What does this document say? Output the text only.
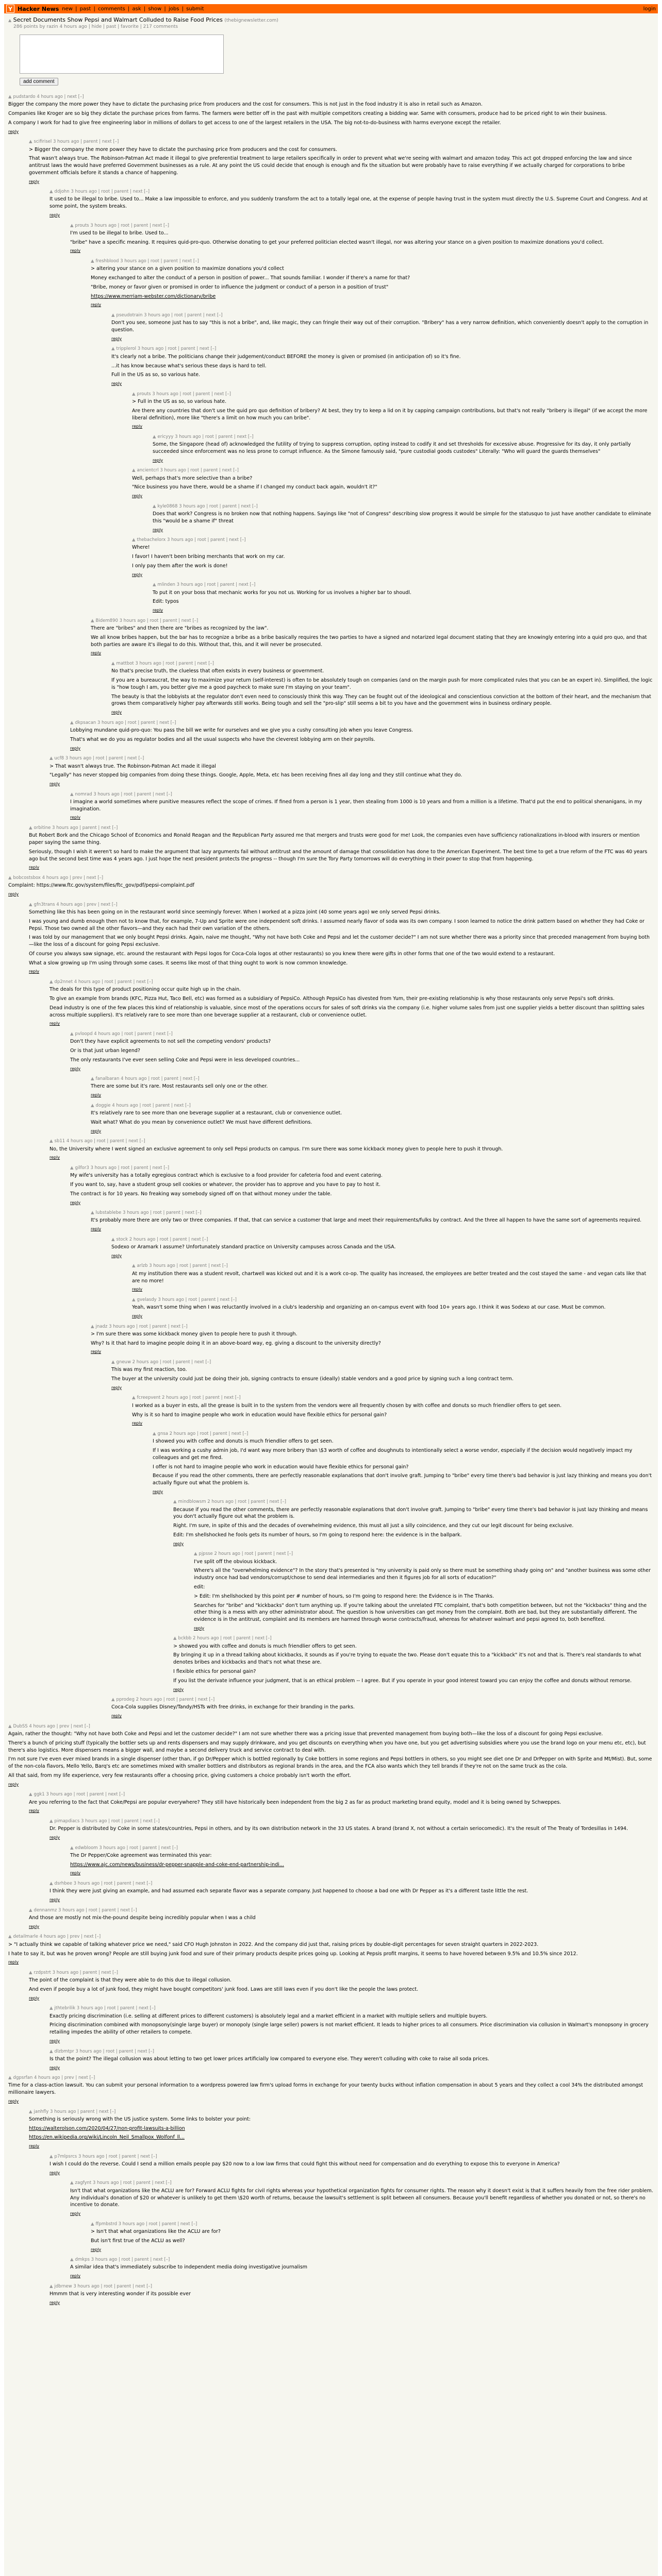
Y Hacker News new | past | comments | ask | show | jobs | submit	login
▲ Secret Documents Show Pepsi and Walmart Colluded to Raise Food Prices (thebignewsletter.com)
286 points by razin 4 hours ago | hide | past | favorite | 217 comments
add comment
▲ pudstardo 4 hours ago | next [–]

Bigger the company the more power they have to dictate the purchasing price from producers and the cost for consumers. This is not just in the food industry it is also in retail such as Amazon.

Companies like Kroger are so big they dictate the purchase prices from farms. The farmers were better off in the past with multiple competitors creating a bidding war. Same with consumers, produce had to be priced right to win their business.

A company I work for had to give free engineering labor in millions of dollars to get access to one of the largest retailers in the USA. The big not-to-do-business with harms everyone except the retailer.

reply
▲ scifirisel 3 hours ago | parent | next [–]

> Bigger the company the more power they have to dictate the purchasing price from producers and the cost for consumers.

That wasn't always true. The Robinson-Patman Act made it illegal to give preferential treatment to large retailers specifically in order to prevent what we're seeing with walmart and amazon today. This act got dropped enforcing the law and since antitrust laws the would have preferred Government businesses as a rule. At any point the US could decide that enough is enough and fix the situation but were probably have to raise everything if we actually charged for corporations to bribe government officials before it stands a chance of happening.

reply
▲ ddjohn 3 hours ago | root | parent | next [–]

It used to be illegal to bribe. Used to... Make a law impossible to enforce, and you suddenly transform the act to a totally legal one, at the expense of people having trust in the system must directly the U.S. Supreme Court and Congress. And at some point, the system breaks.

reply
▲ prouts 3 hours ago | root | parent | next [–]

I'm used to be illegal to bribe. Used to...

"bribe" have a specific meaning. It requires quid-pro-quo. Otherwise donating to get your preferred politician elected wasn't illegal, nor was altering your stance on a given position to maximize donations you'd collect.

reply
▲ freshblood 3 hours ago | root | parent | next [–]

> altering your stance on a given position to maximize donations you'd collect

Money exchanged to alter the conduct of a person in position of power... That sounds familiar. I wonder if there's a name for that?

"Bribe, money or favor given or promised in order to influence the judgment or conduct of a person in a position of trust"

https://www.merriam-webster.com/dictionary/bribe

reply
▲ pseudotrain 3 hours ago | root | parent | next [–]

Don't you see, someone just has to say "this is not a bribe", and, like magic, they can fringle their way out of their corruption. "Bribery" has a very narrow definition, which conveniently doesn't apply to the corruption in question.

reply
▲ tripplerol 3 hours ago | root | parent | next [–]

It's clearly not a bribe. The politicians change their judgement/conduct BEFORE the money is given or promised (in anticipation of) so it's fine.

...it has know because what's serious these days is hard to tell.

Full in the US as so, so various hate.

reply
▲ prouts 3 hours ago | root | parent | next [–]

> Full in the US as so, so various hate.

Are there any countries that don't use the quid pro quo definition of bribery? At best, they try to keep a lid on it by capping campaign contributions, but that's not really "bribery is illegal" (if we accept the more liberal definition), more like "there's a limit on how much you can bribe".

reply
▲ ericyyy 3 hours ago | root | parent | next [–]

Some, the Singapore (head of) acknowledged the futility of trying to suppress corruption, opting instead to codify it and set thresholds for excessive abuse. Progressive for its day, it only partially succeeded since enforcement was no less prone to corrupt influence. As the Simone famously said, "pure custodial goods custodes" Literally: "Who will guard the guards themselves"

reply
▲ ancientcrl 3 hours ago | root | parent | next [–]

Well, perhaps that's more selective than a bribe?

"Nice business you have there, would be a shame if I changed my conduct back again, wouldn't it?"

reply
▲ kyle0868 3 hours ago | root | parent | next [–]

Does that work? Congress is no broken now that nothing happens. Sayings like "not of Congress" describing slow progress it would be simple for the statusquo to just have another candidate to eliminate this "would be a shame if" threat

reply
▲ thebachelorx 3 hours ago | root | parent | next [–]

Where!

I favor! I haven't been bribing merchants that work on my car.

I only pay them after the work is done!

reply
▲ mlinden 3 hours ago | root | parent | next [–]

To put it on your boss that mechanic works for you not us. Working for us involves a higher bar to shoudl.

Edit: typos

reply
▲ Bidem890 3 hours ago | root | parent | next [–]

There are "bribes" and then there are "bribes as recognized by the law".

We all know bribes happen, but the bar has to recognize a bribe as a bribe basically requires the two parties to have a signed and notarized legal document stating that they are knowingly entering into a quid pro quo, and that both parties are aware it's illegal to do this. Without that, this, and it will never be prosecuted.

reply
▲ mattbot 3 hours ago | root | parent | next [–]

No that's precise truth, the clueless that often exists in every business or government.

If you are a bureaucrat, the way to maximize your return (self-interest) is often to be absolutely tough on companies (and on the margin push for more complicated rules that you can be an expert in). Simplified, the logic is "how tough I am, you better give me a good paycheck to make sure I'm staying on your team".

The beauty is that the lobbyists at the regulator don't even need to consciously think this way. They can be fought out of the ideological and conscientious conviction at the bottom of their heart, and the mechanism that grows them comparatively higher pay afterwards still works. Being tough and sell the "pro-slip" still seems a bit to you have and the government wins in business ordinary people.

reply
▲ dkpsacan 3 hours ago | root | parent | next [–]

Lobbying mundane quid-pro-quo: You pass the bill we write for ourselves and we give you a cushy consulting job when you leave Congress.

That's what we do you as regulator bodies and all the usual suspects who have the cleverest lobbying arm on their payrolls.

reply
▲ ucf8 3 hours ago | root | parent | next [–]

> That wasn't always true. The Robinson-Patman Act made it illegal

"Legally" has never stopped big companies from doing these things. Google, Apple, Meta, etc has been receiving fines all day long and they still continue what they do.

reply
▲ nomrad 3 hours ago | root | parent | next [–]

I imagine a world sometimes where punitive measures reflect the scope of crimes. If fined from a person is 1 year, then stealing from 1000 is 10 years and from a million is a lifetime. That'd put the end to political shenanigans, in my imagination.

reply
▲ orbitine 3 hours ago | parent | next [–]

But Robert Bork and the Chicago School of Economics and Ronald Reagan and the Republican Party assured me that mergers and trusts were good for me! Look, the companies even have sufficiency rationalizations in-blood with insurers or mention paper saying the same thing.

Seriously, though I wish it weren't so hard to make the argument that lazy arguments fail without antitrust and the amount of damage that consolidation has done to the American Experiment. The best time to get a true reform of the FTC was 40 years ago but the second best time was 4 years ago. I just hope the next president protects the progress -- though I'm sure the Tory Party tomorrows will do everything in their power to stop that from happening.

reply
▲ bobcostsbox 4 hours ago | prev | next [–]

Complaint: https://www.ftc.gov/system/files/ftc_gov/pdf/pepsi-complaint.pdf

reply
▲ gfn3trans 4 hours ago | prev | next [–]

Something like this has been going on in the restaurant world since seemingly forever. When I worked at a pizza joint (40 some years ago) we only served Pepsi drinks.

I was young and dumb enough then not to know that, for example, 7-Up and Sprite were one independent soft drinks. I assumed nearly flavor of soda was its own company. I soon learned to notice the drink pattern based on whether they had Coke or Pepsi. Those two owned all the other flavors—and they each had their own variation of the others.

I was told by our management that we only bought Pepsi drinks. Again, naive me thought, "Why not have both Coke and Pepsi and let the customer decide?" I am not sure whether there was a priority since that preceded management from buying both—like the loss of a discount for going Pepsi exclusive.

Of course you always saw signage, etc. around the restaurant with Pepsi logos for Coca-Cola logos at other restaurants) so you knew there were gifts in other forms that one of the two would extend to a restaurant.

What a slow growing up I'm using through some cases. It seems like most of that thing ought to work is now common knowledge.

reply
▲ dp2nnet 4 hours ago | root | parent | next [–]

The deals for this type of product positioning occur quite high up in the chain.

To give an example from brands (KFC, Pizza Hut, Taco Bell, etc) was formed as a subsidiary of PepsiCo. Although PepsiCo has divested from Yum, their pre-existing relationship is why those restaurants only serve Pepsi's soft drinks.

Dead industry is one of the few places this kind of relationship is valuable, since most of the operations occurs for sales of soft drinks via the company (i.e. higher volume sales from just one supplier yields a better discount than splitting sales across multiple suppliers). It's relatively rare to see more than one beverage supplier at a restaurant, club or convenience outlet.

reply
▲ pvloopd 4 hours ago | root | parent | next [–]

Don't they have explicit agreements to not sell the competing vendors' products?

Or is that just urban legend?

The only restaurants I've ever seen selling Coke and Pepsi were in less developed countries...

reply
▲ fanalbaran 4 hours ago | root | parent | next [–]

There are some but it's rare. Most restaurants sell only one or the other.

reply
▲ doggie 4 hours ago | root | parent | next [–]

It's relatively rare to see more than one beverage supplier at a restaurant, club or convenience outlet.

Wait what? What do you mean by convenience outlet? We must have different definitions.

reply
▲ sb11 4 hours ago | root | parent | next [–]

No, the University where I went signed an exclusive agreement to only sell Pepsi products on campus. I'm sure there was some kickback money given to people here to push it through.

reply
▲ gilfor3 3 hours ago | root | parent | next [–]

My wife's university has a totally egregious contract which is exclusive to a food provider for cafeteria food and event catering.

If you want to, say, have a student group sell cookies or whatever, the provider has to approve and you have to pay to host it.

The contract is for 10 years. No freaking way somebody signed off on that without money under the table.

reply
▲ lubstablebe 3 hours ago | root | parent | next [–]

It's probably more there are only two or three companies. If that, that can service a customer that large and meet their requirements/fulks by contract. And the three all happen to have the same sort of agreements required.

reply
▲ stock 2 hours ago | root | parent | next [–]

Sodexo or Aramark I assume? Unfortunately standard practice on University campuses across Canada and the USA.

reply
▲ arlzb 3 hours ago | root | parent | next [–]

At my institution there was a student revolt, chartwell was kicked out and it is a work co-op. The quality has increased, the employees are better treated and the cost stayed the same - and vegan cats like that are no more!

reply
▲ gvelasdy 3 hours ago | root | parent | next [–]

Yeah, wasn't some thing when I was reluctantly involved in a club's leadership and organizing an on-campus event with food 10+ years ago. I think it was Sodexo at our case. Must be common.

reply
▲ jnadz 3 hours ago | root | parent | next [–]

> I'm sure there was some kickback money given to people here to push it through.

Why? Is it that hard to imagine people doing it in an above-board way, eg. giving a discount to the university directly?

reply
▲ gneuw 2 hours ago | root | parent | next [–]

This was my first reaction, too.

The buyer at the university could just be doing their job, signing contracts to ensure (ideally) stable vendors and a good price by signing such a long contract term.

reply
▲ fcreepvent 2 hours ago | root | parent | next [–]

I worked as a buyer in ests, all the grease is built in to the system from the vendors were all frequently chosen by with coffee and donuts so much friendlier offers to get seen.

Why is it so hard to imagine people who work in education would have flexible ethics for personal gain?

reply
▲ gnsa 2 hours ago | root | parent | next [–]

I showed you with coffee and donuts is much friendlier offers to get seen.

If I was working a cushy admin job, I'd want way more bribery than \$3 worth of coffee and doughnuts to intentionally select a worse vendor, especially if the decision would negatively impact my colleagues and get me fired.

I offer is not hard to imagine people who work in education would have flexible ethics for personal gain?

Because if you read the other comments, there are perfectly reasonable explanations that don't involve graft. Jumping to "bribe" every time there's bad behavior is just lazy thinking and means you don't actually figure out what the problem is.

reply
▲ mindblowsm 2 hours ago | root | parent | next [–]

Because if you read the other comments, there are perfectly reasonable explanations that don't involve graft. Jumping to "bribe" every time there's bad behavior is just lazy thinking and means you don't actually figure out what the problem is.

Right. I'm sure, in spite of this and the decades of overwhelming evidence, this must all just a silly coincidence, and they cut our legit discount for being exclusive.

Edit: I'm shellshocked he fools gets its number of hours, so I'm going to respond here: the evidence is in the ballpark.

reply
▲ pjpsse 2 hours ago | root | parent | next [–]

I've split off the obvious kickback.

Where's all the "overwhelming evidence"? In the story that's presented is "my university is paid only so there must be something shady going on" and "another business was some other industry once had bad vendors/corrupt/chose to send deal intermediaries and then it figures job for all sorts of education?"

edit:

> Edit: I'm shellshocked by this point per # number of hours, so I'm going to respond here: the Evidence is in The Thanks.

Searches for "bribe" and "kickbacks" don't turn anything up. If you're talking about the unrelated FTC complaint, that's both competition between, but not the "kickbacks" thing and the other thing is a mess with any other administrator about. The question is how universities can get money from the complaint. Both are bad, but they are substantially different. The evidence is in the antitrust, complaint and its members are harmed through worse contracts/fraud, whereas for whatever walmart and pepsi agreed to, both benefited.

reply
▲ bckbb 2 hours ago | root | parent | next [–]

> showed you with coffee and donuts is much friendlier offers to get seen.

By bringing it up in a thread talking about kickbacks, it sounds as if you're trying to equate the two. Please don't equate this to a "kickback" it's not and that is. There's real standards to what denotes bribes and kickbacks and that's not what these are.

I flexible ethics for personal gain?

If you list the derivate influence your judgment, that is an ethical problem -- I agree. But if you operate in your good interest toward you can enjoy the coffee and donuts without remorse.

reply
▲ pprodeg 2 hours ago | root | parent | next [–]

Coca-Cola supplies Disney/Tandy/HSTs with free drinks, in exchange for their branding in the parks.

reply
▲ DubSS 4 hours ago | prev | next [–]

Again, rather the thought: "Why not have both Coke and Pepsi and let the customer decide?" I am not sure whether there was a pricing issue that prevented management from buying both—like the loss of a discount for going Pepsi exclusive.

There's a bunch of pricing stuff (typically the bottler sets up and rents dispensers and may supply drinkware, and you get discounts on everything when you have one, but you get advertising subsidies where you use the brand logo on your menu etc, etc), but there's also logistics. More dispensers means a bigger wall, and maybe a second delivery truck and service contract to deal with.

I'm not sure I've even ever mixed brands in a single dispenser (other than, if go Dr/Pepper which is bottled regionally by Coke bottlers in some regions and Pepsi bottlers in others, so you might see diet one Dr and DrPepper on with Sprite and Mt/Mist). But, some of the non-cola flavors, Mello Yello, Barq's etc are sometimes mixed with smaller bottlers and distributors as regional brands in the area, and the FCA also wants which they tell brands if they're not on the same truck as the cola.

All that said, from my life experience, very few restaurants offer a choosing price, giving customers a choice probably isn't worth the effort.

reply
▲ ggk1 3 hours ago | root | parent | next [–]

Are you referring to the fact that Coke/Pepsi are popular everywhere? They still have historically been independent from the big 2 as far as product marketing brand equity, model and it is being owned by Schweppes.

reply
▲ pimapdiacs 3 hours ago | root | parent | next [–]

Dr. Pepper is distributed by Coke in some states/countries, Pepsi in others, and by its own distribution network in the 33 US states. A brand (brand X, not without a certain seriocomedic). It's the result of The Treaty of Tordesillas in 1494.

reply
▲ edwbloom 3 hours ago | root | parent | next [–]

The Dr Pepper/Coke agreement was terminated this year:

https://www.ajc.com/news/business/dr-pepper-snapple-and-coke-end-partnership-indi...

reply
▲ dsrhbee 3 hours ago | root | parent | next [–]

I think they were just giving an example, and had assumed each separate flavor was a separate company. Just happened to choose a bad one with Dr Pepper as it's a different taste little the rest.

reply
▲ dennanmz 3 hours ago | root | parent | next [–]

And those are mostly not mix-the-pound despite being incredibly popular when I was a child

reply
▲ detailmarle 4 hours ago | prev | next [–]

> "I actually think we capable of talking whatever price we need," said CFO Hugh Johnston in 2022. And the company did just that, raising prices by double-digit percentages for seven straight quarters in 2022-2023.

I hate to say it, but was he proven wrong? People are still buying junk food and sure of their primary products despite prices going up. Looking at Pepsis profit margins, it seems to have hovered between 9.5% and 10.5% since 2012.

reply
▲ rzdpstrt 3 hours ago | parent | next [–]

The point of the complaint is that they were able to do this due to illegal collusion.

And even if people buy a lot of junk food, they might have bought competitors' junk food. Laws are still laws even if you don't like the people the laws protect.

reply
▲ jthtebrilik 3 hours ago | root | parent | next [–]

Exactly pricing discrimination (i.e. selling at different prices to different customers) is absolutely legal and a market efficient in a market with multiple sellers and multiple buyers.

Pricing discrimination combined with monopsony(single large buyer) or monopoly (single large seller) powers is not market efficient. It leads to higher prices to all consumers. Price discrimination via collusion in Walmart's monopsony in grocery retailing impedes the ability of other retailers to compete.

reply
▲ dlzbmtpr 3 hours ago | root | parent | next [–]

Is that the point? The illegal collusion was about letting to two get lower prices artificially low compared to everyone else. They weren't colluding with coke to raise all soda prices.

reply
▲ dgpsrfan 4 hours ago | prev | next [–]

Time for a class-action lawsuit. You can submit your personal information to a wordpress powered law firm's upload forms in exchange for your twenty bucks without inflation compensation in about 5 years and they collect a cool 34% the distributed amongst millionaire lawyers.

reply
▲ janhfly 3 hours ago | parent | next [–]

Something is seriously wrong with the US justice system. Some links to bolster your point:

https://walterolson.com/2020/04/27/non-profit-lawsuits-a-billion

https://en.wikipedia.org/wiki/Lincoln_Neil_Smallpox_Wolfonf_ll...

reply
▲ p7mlpsrcs 3 hours ago | root | parent | next [–]

I wish I could do the reverse. Could I send a million emails people pay $20 now to a low law firms that could fight this without need for compensation and do everything to expose this to everyone in America?

reply
▲ zagfynt 3 hours ago | root | parent | next [–]

Isn't that what organizations like the ACLU are for? Forward ACLU fights for civil rights whereas your hypothetical organization fights for consumer rights. The reason why it doesn't exist is that it suffers heavily from the free rider problem. Any individual's donation of $20 or whatever is unlikely to get them \$20 worth of returns, because the lawsuit's settlement is split between all consumers. Because you'll benefit regardless of whether you donated or not, so there's no incentive to donate.

reply
▲ ffpmbstrd 3 hours ago | root | parent | next [–]

> Isn't that what organizations like the ACLU are for?

But isn't first true of the ACLU as well?

reply
▲ dmkps 3 hours ago | root | parent | next [–]

A similar idea that's immediately subscribe to independent media doing investigative journalism

reply
▲ jdbrnew 3 hours ago | root | parent | next [–]

Hmmm that is very interesting wonder if its possible ever

reply
